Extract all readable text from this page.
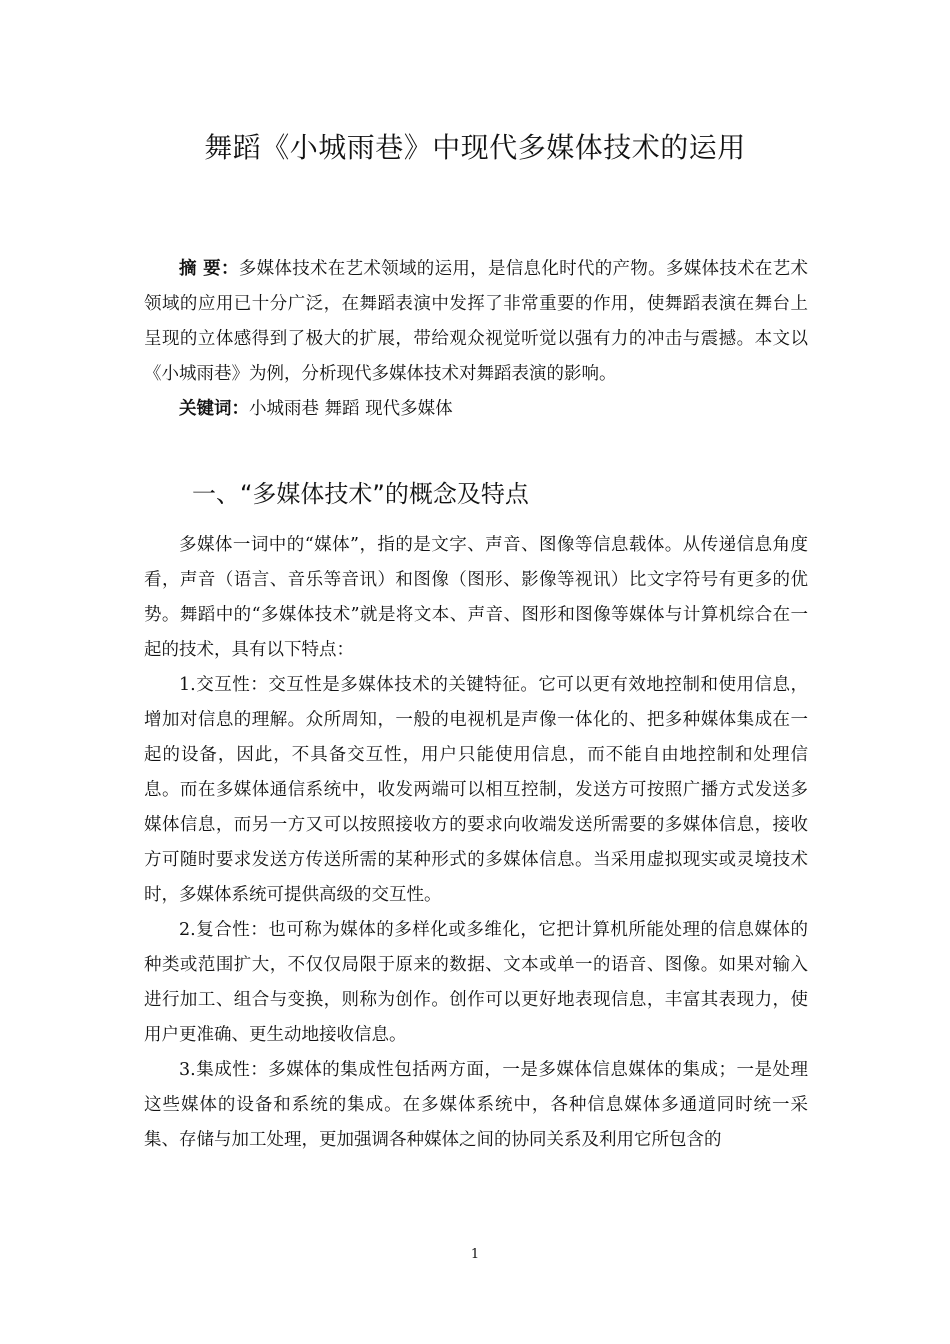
舞蹈《小城雨巷》中现代多媒体技术的运用

摘 要：多媒体技术在艺术领域的运用，是信息化时代的产物。多媒体技术在艺术领域的应用已十分广泛，在舞蹈表演中发挥了非常重要的作用，使舞蹈表演在舞台上呈现的立体感得到了极大的扩展，带给观众视觉听觉以强有力的冲击与震撼。本文以《小城雨巷》为例，分析现代多媒体技术对舞蹈表演的影响。

关键词：小城雨巷 舞蹈 现代多媒体

一、“多媒体技术”的概念及特点

多媒体一词中的“媒体”，指的是文字、声音、图像等信息载体。从传递信息角度看，声音（语言、音乐等音讯）和图像（图形、影像等视讯）比文字符号有更多的优势。舞蹈中的“多媒体技术”就是将文本、声音、图形和图像等媒体与计算机综合在一起的技术，具有以下特点：

1.交互性：交互性是多媒体技术的关键特征。它可以更有效地控制和使用信息，增加对信息的理解。众所周知，一般的电视机是声像一体化的、把多种媒体集成在一起的设备，因此，不具备交互性，用户只能使用信息，而不能自由地控制和处理信息。而在多媒体通信系统中，收发两端可以相互控制，发送方可按照广播方式发送多媒体信息，而另一方又可以按照接收方的要求向收端发送所需要的多媒体信息，接收方可随时要求发送方传送所需的某种形式的多媒体信息。当采用虚拟现实或灵境技术时，多媒体系统可提供高级的交互性。

2.复合性：也可称为媒体的多样化或多维化，它把计算机所能处理的信息媒体的种类或范围扩大，不仅仅局限于原来的数据、文本或单一的语音、图像。如果对输入进行加工、组合与变换，则称为创作。创作可以更好地表现信息，丰富其表现力，使用户更准确、更生动地接收信息。

3.集成性：多媒体的集成性包括两方面，一是多媒体信息媒体的集成；一是处理这些媒体的设备和系统的集成。在多媒体系统中，各种信息媒体多通道同时统一采集、存储与加工处理，更加强调各种媒体之间的协同关系及利用它所包含的

1
